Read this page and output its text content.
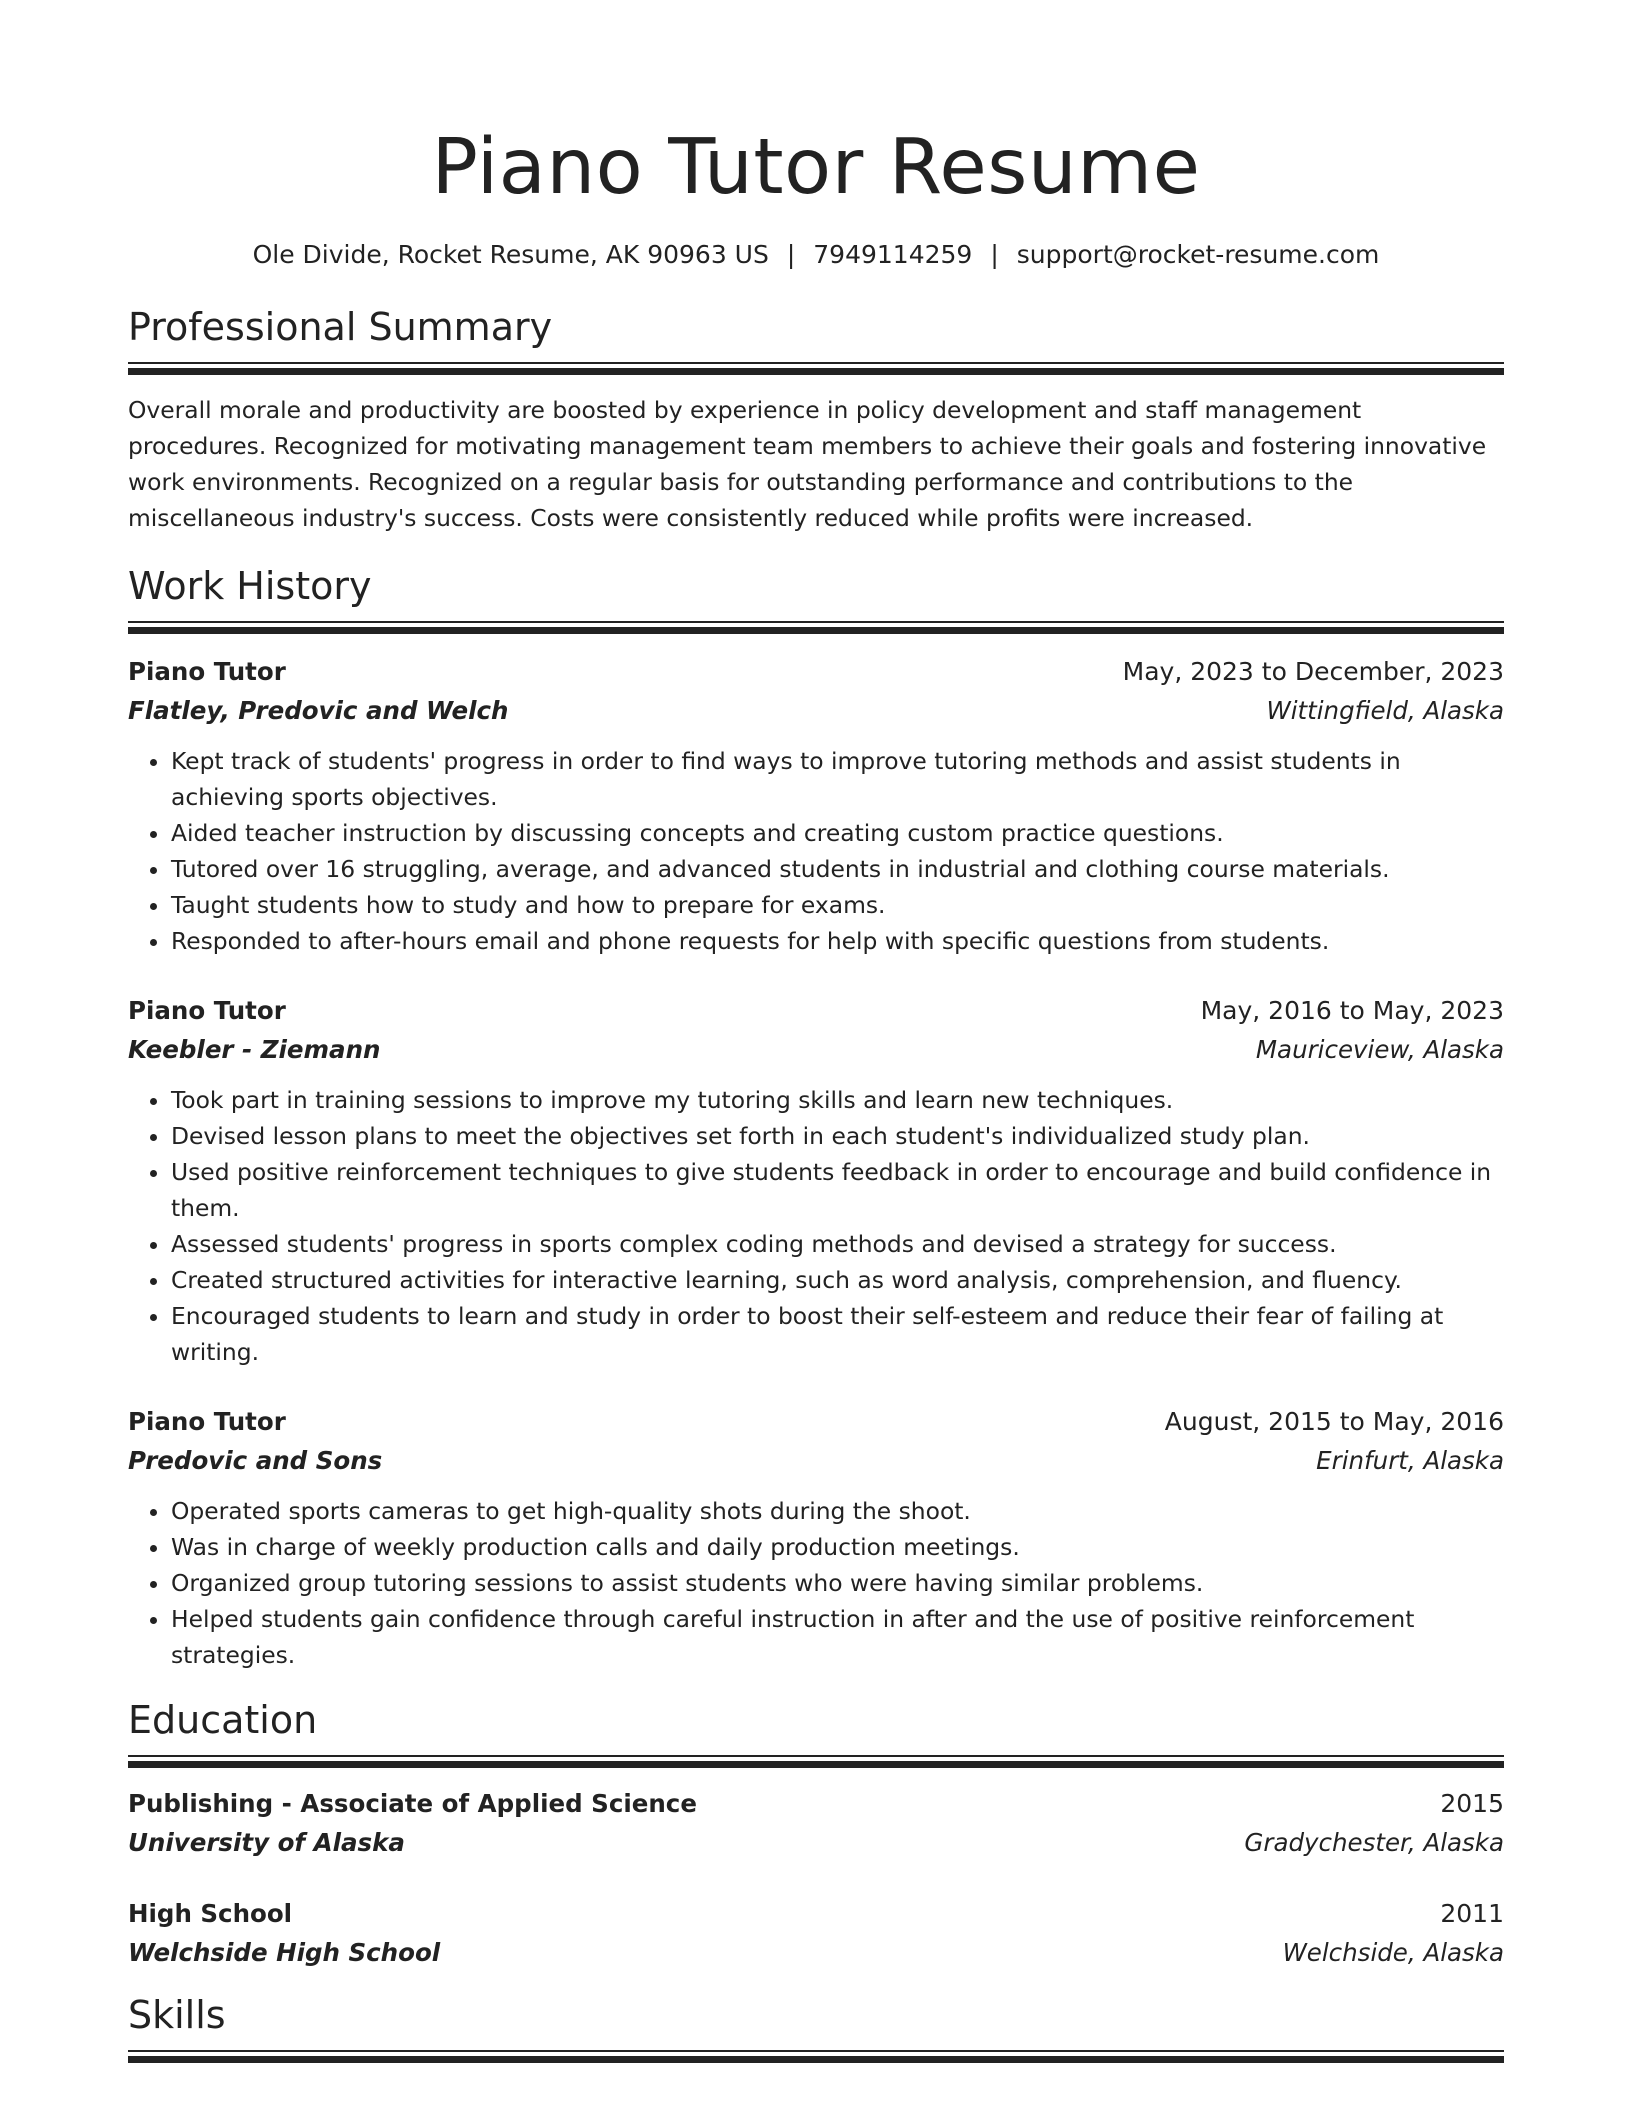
Piano Tutor Resume
Ole Divide, Rocket Resume, AK 90963 US | 7949114259 | support@rocket-resume.com
Professional Summary
Overall morale and productivity are boosted by experience in policy development and staff management procedures. Recognized for motivating management team members to achieve their goals and fostering innovative work environments. Recognized on a regular basis for outstanding performance and contributions to the miscellaneous industry's success. Costs were consistently reduced while profits were increased.
Work History
Piano Tutor	May, 2023 to December, 2023
Flatley, Predovic and Welch	Wittingfield, Alaska
• Kept track of students' progress in order to find ways to improve tutoring methods and assist students in achieving sports objectives.
• Aided teacher instruction by discussing concepts and creating custom practice questions.
• Tutored over 16 struggling, average, and advanced students in industrial and clothing course materials.
• Taught students how to study and how to prepare for exams.
• Responded to after-hours email and phone requests for help with specific questions from students.
Piano Tutor	May, 2016 to May, 2023
Keebler - Ziemann	Mauriceview, Alaska
• Took part in training sessions to improve my tutoring skills and learn new techniques.
• Devised lesson plans to meet the objectives set forth in each student's individualized study plan.
• Used positive reinforcement techniques to give students feedback in order to encourage and build confidence in them.
• Assessed students' progress in sports complex coding methods and devised a strategy for success.
• Created structured activities for interactive learning, such as word analysis, comprehension, and fluency.
• Encouraged students to learn and study in order to boost their self-esteem and reduce their fear of failing at writing.
Piano Tutor	August, 2015 to May, 2016
Predovic and Sons	Erinfurt, Alaska
• Operated sports cameras to get high-quality shots during the shoot.
• Was in charge of weekly production calls and daily production meetings.
• Organized group tutoring sessions to assist students who were having similar problems.
• Helped students gain confidence through careful instruction in after and the use of positive reinforcement strategies.
Education
Publishing - Associate of Applied Science	2015
University of Alaska	Gradychester, Alaska
High School	2011
Welchside High School	Welchside, Alaska
Skills
